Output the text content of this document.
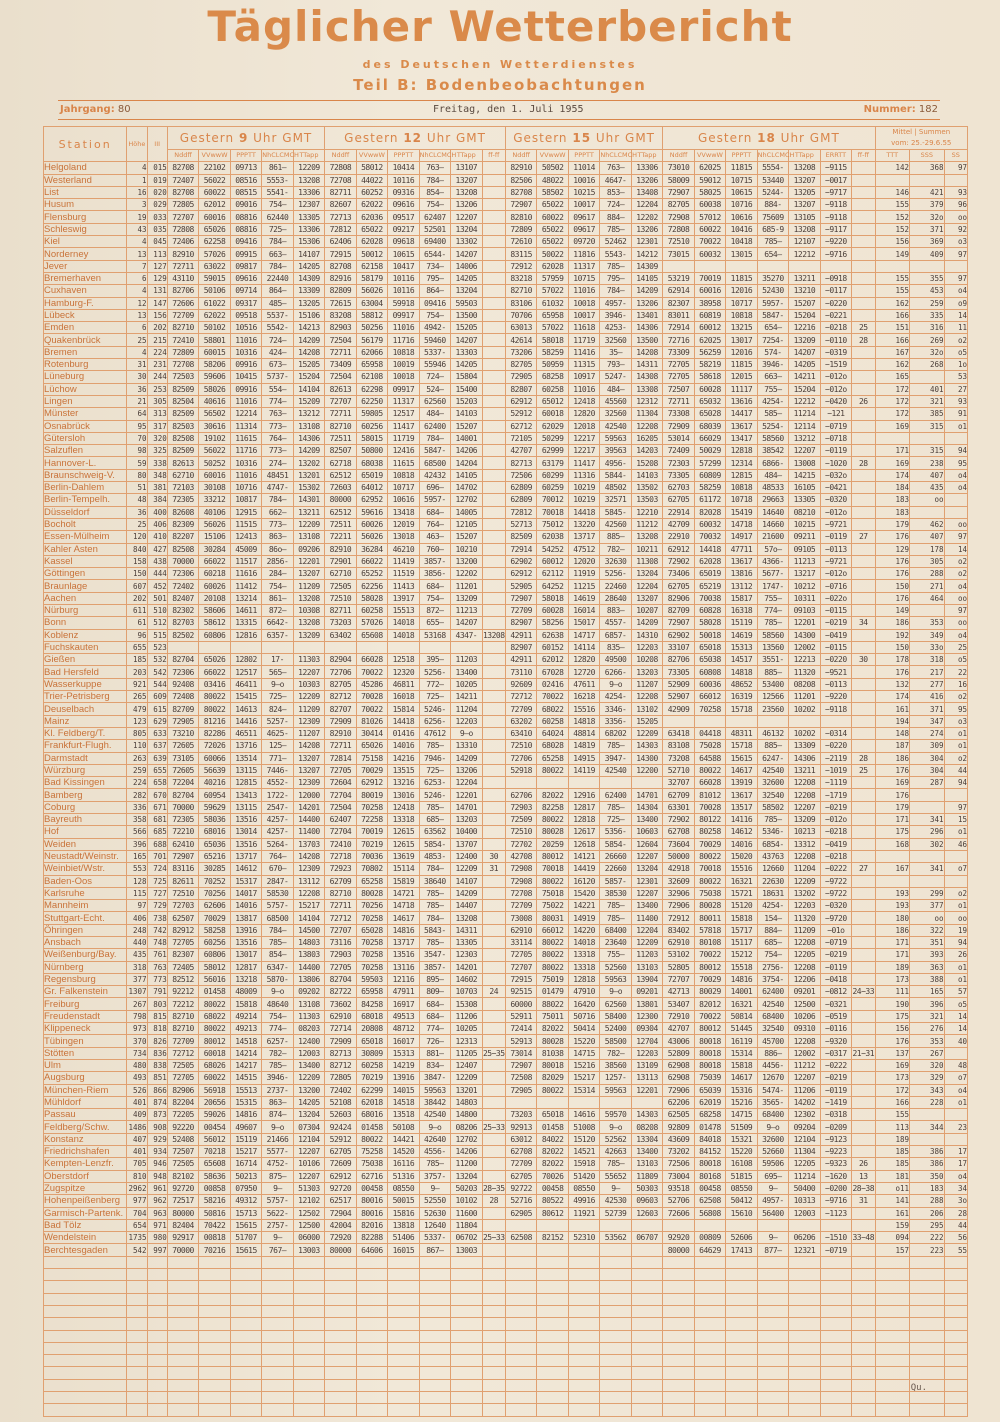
Täglicher Wetterbericht
des Deutschen Wetterdienstes
Teil B: Bodenbeobachtungen
Jahrgang: 80	Freitag, den 1. Juli 1955	Nummer: 182
Station	Höhe	III	Gestern 9 Uhr GMT					Gestern 12 Uhr GMT						Gestern 15 Uhr GMT					Gestern 18 Uhr GMT							Mittel | Summen
vom: 25.-29.6.55		

			Nddff	VVwwW	PPPTT	NhCLCMCH	TTapp	Nddff	VVwwW	PPPTT	NhCLCMCH	TTapp	ff-ff	Nddff	VVwwW	PPPTT	NhCLCMCH	TTapp	Nddff	VVwwW	PPPTT	NhCLCMCH	TTapp	ERRTT	ff-ff	TTT	SSS	SS
Helgoland	4	015	82708	22102	09713	861—	12209	72808	58012	10414	763—	13107		82910	50502	11014	763—	13306	73010	62025	11815	5554-	13208	−9115		142	368	97
Westerland	1	019	72407	56022	08516	5553-	13208	72708	44022	10116	784—	13207		82506	48022	10016	4647-	13206	58009	59012	10715	53440	13207	−0017				
List	16	020	82708	60022	08515	5541-	13306	82711	60252	09316	854—	13208		82708	58502	10215	853—	13408	72907	58025	10615	5244-	13205	−9717		146	421	93
Husum	3	029	72805	62012	09016	754—	12307	82607	62022	09616	754—	13206		72907	65022	10017	724—	12204	82705	60038	10716	884-	13207	−9118		155	379	96
Flensburg	19	033	72707	60016	08816	62440	13305	72713	62036	09517	62407	12207		82810	60022	09617	884—	12202	72908	57012	10616	75609	13105	−9118		152	32o	oo
Schleswig	43	035	72808	65026	08816	725—	13306	72812	65022	09217	52501	13204		72809	65022	09617	785—	13206	72808	60022	10416	685-9	13208	−9117		152	371	92
Kiel	4	045	72406	62258	09416	784—	15306	62406	62028	09618	69400	13302		72610	65022	09720	52462	12301	72510	70022	10418	785—	12107	−9220		156	369	o3
Norderney	13	113	82910	57026	09915	663—	14107	72915	50012	10615	6544-	14207		83115	50022	11816	5543-	14212	73015	60032	13015	654—	12212	−9716		149	409	97
Jever	7	127	72711	63022	09817	784—	14205	82708	62158	10417	734—	14006		72912	62028	11317	785—	14309										
Bremerhaven	6	129	43110	59015	09616	22440	14309	82916	58179	10116	795—	14205		83218	57959	10715	795—	14105	53219	70019	11815	35270	13211	−0918		155	355	97
Cuxhaven	4	131	82706	50106	09714	864—	13309	82809	56026	10116	864—	13204		82710	57022	11016	784—	14209	62914	60016	12016	52430	13210	−0117		155	453	o4
Hamburg-F.	12	147	72606	61022	09317	485—	13205	72615	63004	59918	09416	59503		83106	61032	10018	4957-	13206	82307	38958	10717	5957-	15207	−0220		162	259	o9
Lübeck	13	156	72709	62022	09518	5537-	15106	83208	58812	09917	754—	13500		70706	65958	10017	3946-	13401	83011	60819	10818	5847-	15204	−0221		166	335	14
Emden	6	202	82710	50102	10516	5542-	14213	82903	50256	11016	4942-	15205		63013	57022	11618	4253-	14306	72914	60012	13215	654—	12216	−0218	25	151	316	11
Quakenbrück	25	215	72410	58801	11016	724—	14209	72504	56179	11716	59460	14207		42614	58018	11719	32560	13500	72716	62025	13017	7254-	13209	−0110	28	166	269	o2
Bremen	4	224	72809	60015	10316	424—	14208	72711	62066	10818	5337-	13303		73206	58259	11416	35—	14208	73309	56259	12016	574-	14207	−0319		167	32o	o5
Rotenburg	31	231	72708	58206	09916	673—	15205	73409	65958	10019	55946	14205		82705	50959	11315	793—	14311	72705	58219	11815	3946-	14205	−1519		162	268	1o
Lüneburg	30	244	72503	59606	10415	5737-	15204	72504	62108	10018	724—	15804		72905	68258	10917	5247-	14308	72705	58618	12015	663—	14211	−012o		165		53
Lüchow	36	253	82509	58026	09916	554—	14104	82613	62298	09917	524—	15400		82807	60258	11016	484—	13308	72507	60028	11117	755—	15204	−012o		172	401	27
Lingen	21	305	82504	40616	11016	774—	15209	72707	62250	11317	62560	15203		62912	65012	12418	45560	12312	72711	65032	13616	4254-	12212	−0420	26	172	321	93
Münster	64	313	82509	56502	12214	763—	13212	72711	59805	12517	484—	14103		52912	60018	12820	32560	11304	73308	65028	14417	585—	11214	−121		172	385	91
Osnabrück	95	317	82503	30616	11314	773—	13108	82710	60256	11417	62400	15207		62712	62029	12018	42540	12208	72909	68039	13617	5254-	12114	−0719		169	315	o1
Gütersloh	70	320	82508	19102	11615	764—	14306	72511	58015	11719	784—	14001		72105	50299	12217	59563	16205	53014	66029	13417	58560	13212	−0718				
Salzuflen	98	325	82509	56022	11716	773—	14209	82507	50800	12416	5847-	14206		42707	62999	12217	39563	14203	72409	50029	12818	38542	12207	−0119		171	315	94
Hannover-L.	59	338	82613	50252	10316	274—	13202	62718	68038	11615	68500	14204		82713	63179	11417	4956-	15208	72303	57299	12314	6866-	13008	−1020	28	169	238	95
Braunschweig-V.	80	348	62710	60016	11016	48451	13201	62512	65019	10818	42432	14105		72506	60299	11316	5844-	14103	73305	60809	12815	484—	14215	−032o		174	407	o4
Berlin-Dahlem	51	381	72103	30108	10716	4747-	15302	72603	64012	10717	696—	14702		62809	60259	10219	48502	13502	62703	58259	10818	48533	16105	−0421		184	435	o4
Berlin-Tempelh.	48	384	72305	33212	10817	784—	14301	80000	62952	10616	5957-	12702		62809	70012	10219	32571	13503	62705	61172	10718	29663	13305	−0320		183	oo	
Düsseldorf	36	400	82608	40106	12915	662—	13211	62512	59616	13418	684—	14005		72812	70018	14418	5845-	12210	22914	82028	15419	14640	08210	−012o		183		
Bocholt	25	406	82309	56026	11515	773—	12209	72511	60026	12019	764—	12105		52713	75012	13220	42560	11212	42709	60032	14718	14660	10215	−9721		179	462	oo
Essen-Mülheim	120	410	82207	15106	12413	863—	13108	72211	56026	13018	463—	15207		82509	62038	13717	885—	13208	22910	70032	14917	21600	09211	−0119	27	176	407	97
Kahler Asten	840	427	82508	30284	45009	86o—	09206	82910	36284	46210	760—	10210		72914	54252	47512	782—	10211	62912	14418	47711	57o—	09105	−0113		129	178	14
Kassel	158	438	70000	66022	11517	2856-	12201	72901	66022	11419	3857-	13200		62902	60012	12020	32630	11308	72902	62028	13617	4366-	11213	−9721		176	305	o2
Göttingen	150	444	72306	60218	11616	284—	13207	62710	65252	11519	3856-	12202		62912	62112	11919	5256-	13204	73406	65019	13816	5677-	13217	−012o		176	288	o2
Braunlage	607	452	72402	60026	11412	754—	11209	72505	62256	11413	684—	11201		52905	64252	11215	22460	12204	62705	65219	13112	1747-	10212	−0716		150	271	o4
Aachen	202	501	82407	20108	13214	861—	13208	72510	58028	13917	754—	13209		72907	58018	14619	28640	13207	82906	70038	15817	755—	10311	−022o		176	464	oo
Nürburg	611	510	82302	58606	14611	872—	10308	82711	60258	15513	872—	11213		72709	60028	16014	883—	10207	82709	60828	16318	774—	09103	−0115		149		97
Bonn	61	512	82703	58612	13315	6642-	13208	73203	57026	14018	655—	14207		82907	58256	15017	4557-	14209	72907	58028	15119	785—	12201	−0219	34	186	353	oo
Koblenz	96	515	82502	60806	12816	6357-	13209	63402	65608	14018	53168	4347-	13208	42911	62638	14717	6857-	14310	62902	50018	14619	58560	14300	−0419		192	349	o4
Fuchskauten	655	523												82907	60152	14114	835—	12203	33107	65018	15313	13560	12002	−0115		150	33o	25
Gießen	185	532	82704	65026	12802	17-	11303	82904	66028	12518	395—	11203		42911	62012	12820	49500	10208	82706	65038	14517	3551-	12213	−0220	30	178	318	o5
Bad Hersfeld	203	542	72306	66022	12517	565—	12207	72706	70022	12320	5256-	13400		73110	67028	12720	6266-	13203	73305	60808	14818	885—	11320	−9521		176	217	22
Wasserkuppe	921	544	92408	03416	46411	9—o	10303	82705	45286	46811	772—	10205		92609	02416	47611	9—o	11207	52909	60036	48652	53400	08208	−0113		132	277	16
Trier-Petrisberg	265	609	72408	80022	15415	725—	12209	82712	70028	16018	725—	14211		72712	70022	16218	4254-	12208	52907	66012	16319	12566	11201	−9220		174	416	o2
Deuselbach	479	615	82709	80022	14613	824—	11209	82707	70022	15814	5246-	11204		72709	68022	15516	3346-	13102	42909	70258	15718	23560	10202	−9118		161	371	95
Mainz	123	629	72905	81216	14416	5257-	12309	72909	81026	14418	6256-	12203		63202	60258	14818	3356-	15205								194	347	o3
Kl. Feldberg/T.	805	633	73210	82286	46511	4625-	11207	82910	30414	01416	47612	9—o		63410	64024	48814	68202	12209	63418	04418	48311	46132	10202	−0314		148	274	o1
Frankfurt-Flugh.	110	637	72605	72026	13716	125—	14208	72711	65026	14016	785—	13310		72510	68028	14819	785—	14303	83108	75028	15718	885—	13309	−0220		187	309	o1
Darmstadt	263	639	73105	60066	13514	771—	13207	72814	75158	14216	7946-	14209		72706	65258	14915	3947-	14300	73208	64588	15615	6247-	14306	−2119	28	186	304	o2
Würzburg	259	655	72605	56639	13115	7446-	13207	72705	70029	13515	725—	13206		52918	80022	14119	42540	12200	52710	80022	14617	42540	13211	−1019	25	176	304	44
Bad Kissingen	224	658	72204	40216	12815	4552-	12309	72604	62912	13216	6253-	12204							32707	66028	13919	32600	12208	−1119		169	287	94
Bamberg	282	670	82704	60954	13413	1722-	12000	72704	80019	13016	5246-	12201		62706	82022	12916	62400	14701	62709	81012	13617	32540	12208	−1719		176		
Coburg	336	671	70000	59629	13115	2547-	14201	72504	70258	12418	785—	14701		72903	82258	12817	785—	14304	63301	70028	13517	58502	12207	−0219		179		97
Bayreuth	358	681	72305	58036	13516	4257-	14400	62407	72258	13318	685—	13203		72509	80022	12818	725—	13400	72902	80122	14116	785—	13209	−012o		171	341	15
Hof	566	685	72210	68016	13014	4257-	11400	72704	70019	12615	63562	10400		72510	80028	12617	5356-	10603	62708	80258	14612	5346-	10213	−0218		175	296	o1
Weiden	396	688	62410	65036	13516	5264-	13703	72410	70219	12615	5854-	13707		72702	20259	12618	5854-	12604	73604	70029	14016	6854-	13312	−0419		168	302	46
Neustadt/Weinstr.	165	701	72907	65216	13717	764—	14208	72718	70036	13619	4853-	12400	30	42708	80012	14121	26660	12207	50000	80022	15020	43763	12208	−0218				
Weinbiet/Wstr.	553	724	83116	30285	14612	670—	12309	72923	70802	15114	784—	12209	31	72908	70018	14419	22660	13204	42918	70018	15516	12660	11204	−0222	27	167	341	o7
Baden-Oos	128	725	82611	70252	15317	2847-	13112	62709	65258	15819	38640	14107		72908	80022	16120	5857-	12301	32609	80022	16321	22630	12209	−9722				
Karlsruhe	115	727	72510	70256	14017	58530	12208	82710	80028	14721	785—	14209		72708	75018	15420	38530	12207	32906	75038	15721	18631	13202	−9722		193	299	o2
Mannheim	97	729	72703	62606	14016	5757-	15217	72711	70256	14718	785—	14407		72709	75022	14221	785—	13400	72906	80028	15120	4254-	12203	−0320		193	377	o1
Stuttgart-Echt.	406	738	62507	70029	13817	68500	14104	72712	70258	14617	784—	13208		73008	80031	14919	785—	11400	72912	80011	15818	154—	11320	−9720		180	oo	oo
Öhringen	248	742	82912	58258	13916	784—	14500	72707	65028	14816	5843-	14311		62910	66012	14220	68400	12204	83402	57818	15717	884—	11209	−01o		186	322	19
Ansbach	440	748	72705	60256	13516	785—	14803	73116	70258	13717	785—	13305		33114	80022	14018	23640	12209	62910	80108	15117	685—	12208	−0719		171	351	94
Weißenburg/Bay.	435	761	82307	60806	13017	854—	13803	72903	70258	13516	3547-	12303		72705	80022	13318	755—	11203	53102	70022	15212	754—	12205	−0219		171	393	26
Nürnberg	318	763	72405	58012	12817	6347-	14400	72705	70258	13116	3857-	14201		72707	80022	13318	52560	13103	52805	80012	15518	2756-	12208	−0119		189	363	o1
Regensburg	377	773	82512	56016	13218	5870-	13806	82704	59503	12116	895—	14602		72915	75019	12818	59563	13904	72707	70029	14816	3754-	12206	−0418		173	388	o1
Gr. Falkenstein	1307	791	92212	01458	48009	9—o	09202	82722	65958	47911	809—	10703	24	92515	01479	47910	9—o	09201	42713	80029	14001	62400	09201	−0812	24−33	111	165	57
Freiburg	267	803	72212	80022	15818	48640	13108	73602	84258	16917	684—	15308		60000	88022	16420	62560	13801	53407	82012	16321	42540	12500	−0321		190	396	o5
Freudenstadt	798	815	82710	68022	49214	754—	11303	62910	68018	49513	684—	11206		52911	75011	50716	58400	12300	72910	70022	50814	68400	10206	−0519		175	321	14
Klippeneck	973	818	82710	80022	49213	774—	08203	72714	20808	48712	774—	10205		72414	82022	50414	52400	09304	42707	80012	51445	32540	09310	−0116		156	276	14
Tübingen	370	826	72709	80012	14518	6257-	12400	72909	65018	16017	726—	12313		52913	80028	15220	58500	12704	43006	80018	16119	45700	12208	−9320		176	353	40
Stötten	734	836	72712	60018	14214	782—	12003	82713	30809	15313	881—	11205	25−35	73014	81038	14715	782—	12203	52809	80018	15314	886—	12002	−0317	21−31	137	267	
Ulm	480	838	72505	68026	14217	785—	13400	82712	60258	14219	834—	12407		72907	80018	15216	38560	13109	62908	80018	15818	4456-	11212	−0222		169	320	48
Augsburg	493	851	72705	60022	14515	3946-	12209	72805	70219	13916	3847-	12209		72508	82029	15217	1257-	13113	62908	75039	14617	12670	12207	−0219		173	329	o7
München-Riem	526	866	82906	56918	15513	2737-	13200	72402	62299	14015	59563	13201		72905	80022	15314	59563	12201	72906	65039	15316	5474-	11206	−0119		172	343	o4
Mühldorf	401	874	82204	20656	15315	863—	14205	52108	62018	14518	38442	14803							62206	62019	15216	3565-	14202	−1419		166	228	o1
Passau	409	873	72205	59026	14816	874—	13204	52603	68016	13518	42540	14800		73203	65018	14616	59570	14303	62505	68258	14715	68400	12302	−0318		155		
Feldberg/Schw.	1486	908	92220	00454	49607	9—o	07304	92424	01458	50108	9—o	08206	25−33	92913	01458	51008	9—o	08208	92809	01478	51509	9—o	09204	−0209		113	344	23
Konstanz	407	929	52408	56012	15119	21466	12104	52912	80022	14421	42640	12702		63012	84022	15120	52562	13304	43609	84018	15321	32600	12104	−9123		189		
Friedrichshafen	401	934	72507	70218	15217	5577-	12207	62705	75258	14520	4556-	14206		62708	82022	14521	42663	13400	73202	84152	15220	52660	11304	−9223		185	386	17
Kempten-Lenzfr.	705	946	72505	65608	16714	4752-	10106	72609	75038	16116	785—	11200		72709	82022	15918	785—	13103	72506	80018	16108	59506	12205	−9323	26	185	386	17
Oberstdorf	810	948	82102	58636	50213	875—	12207	62912	62716	51316	3757-	13204		62705	70026	51420	55652	11809	73004	80168	51815	695—	11214	−1620	13	181	350	o4
Zugspitze	2962	961	92720	00858	07950	9—	51303	92720	00458	08550	9—	50203	28−35	92722	00458	08550	9—	50303	93518	00458	08550	9—	50400	−0200	28−38	o11	183	34
Hohenpeißenberg	977	962	72517	58216	49312	5757-	12102	62517	80016	50015	52550	10102	28	52716	80522	49916	42530	09603	52706	62508	50412	4957-	10313	−9716	31	141	288	3o
Garmisch-Partenk.	704	963	80000	50816	15713	5622-	12502	72904	80016	15816	52630	11600		62905	80612	11921	52739	12603	72606	56808	15610	56400	12003	−1123		161	206	28
Bad Tölz	654	971	82404	70422	15615	2757-	12500	42004	82016	13818	12640	11804														159	295	44
Wendelstein	1735	980	92917	00818	51707	9—	06000	72920	82288	51406	5337-	06702	25−33	62508	82152	52310	53562	06707	92920	00809	52606	9—	06206	−1510	33−48	094	222	56
Berchtesgaden	542	997	70000	70216	15615	767—	13003	80000	64606	16015	867—	13003							80000	64629	17413	877—	12321	−0719		157	223	55

Qu.
